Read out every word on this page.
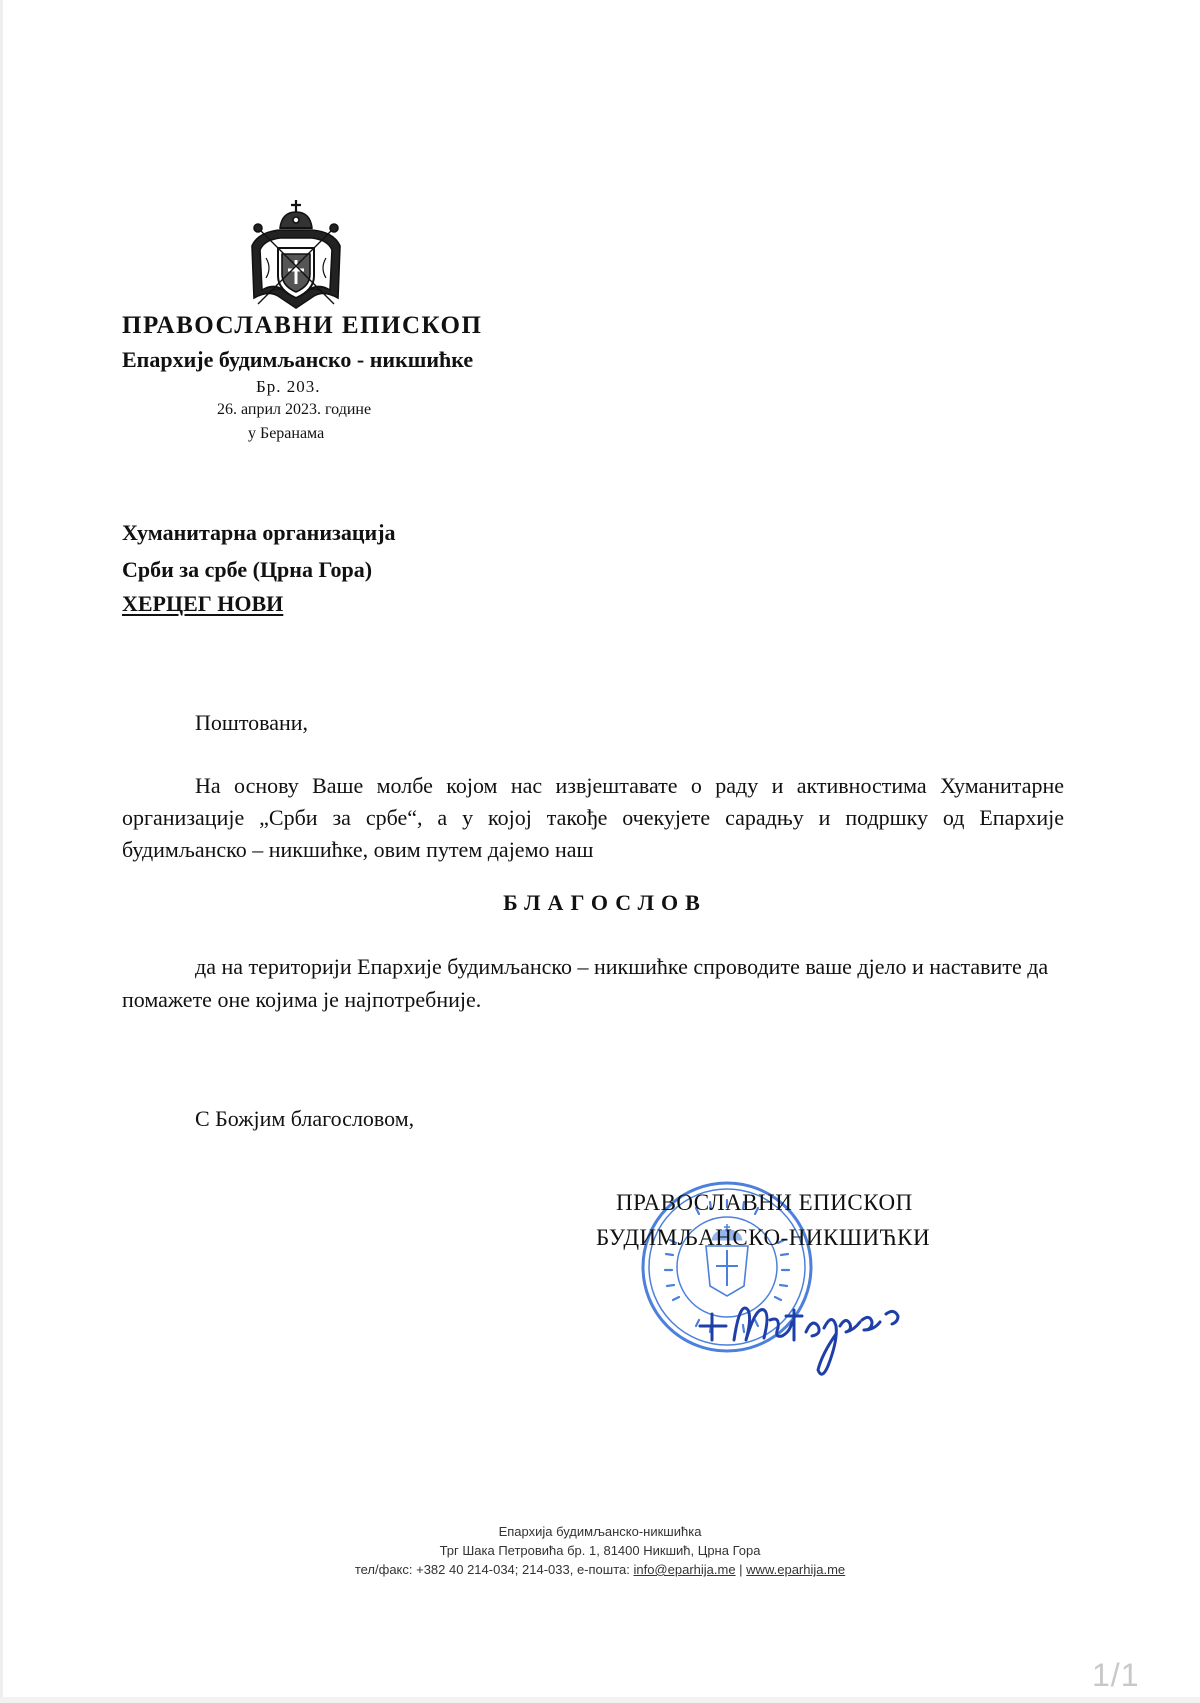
ПРАВОСЛАВНИ ЕПИСКОП
Епархије будимљанско - никшићке
Бр. 203.
26. април 2023. године
у Беранама
Хуманитарна организација
Срби за србе (Црна Гора)
ХЕРЦЕГ НОВИ
Поштовани,
На основу Ваше молбе којом нас извјештавате о раду и активностима Хуманитарне организације „Срби за србе“, а у којој такође очекујете сарадњу и подршку од Епархије будимљанско – никшићке, овим путем дајемо наш
БЛАГОСЛОВ
да на територији Епархије будимљанско – никшићке спроводите ваше дјело и наставите да помажете оне којима је најпотребније.
С Божјим благословом,
ПРАВОСЛАВНИ ЕПИСКОП
БУДИМЉАНСКО-НИКШИЋКИ
Епархија будимљанско-никшићка
Трг Шака Петровића бр. 1, 81400 Никшић, Црна Гора
тел/факс: +382 40 214-034; 214-033, е-пошта: info@eparhija.me | www.eparhija.me
1/1
